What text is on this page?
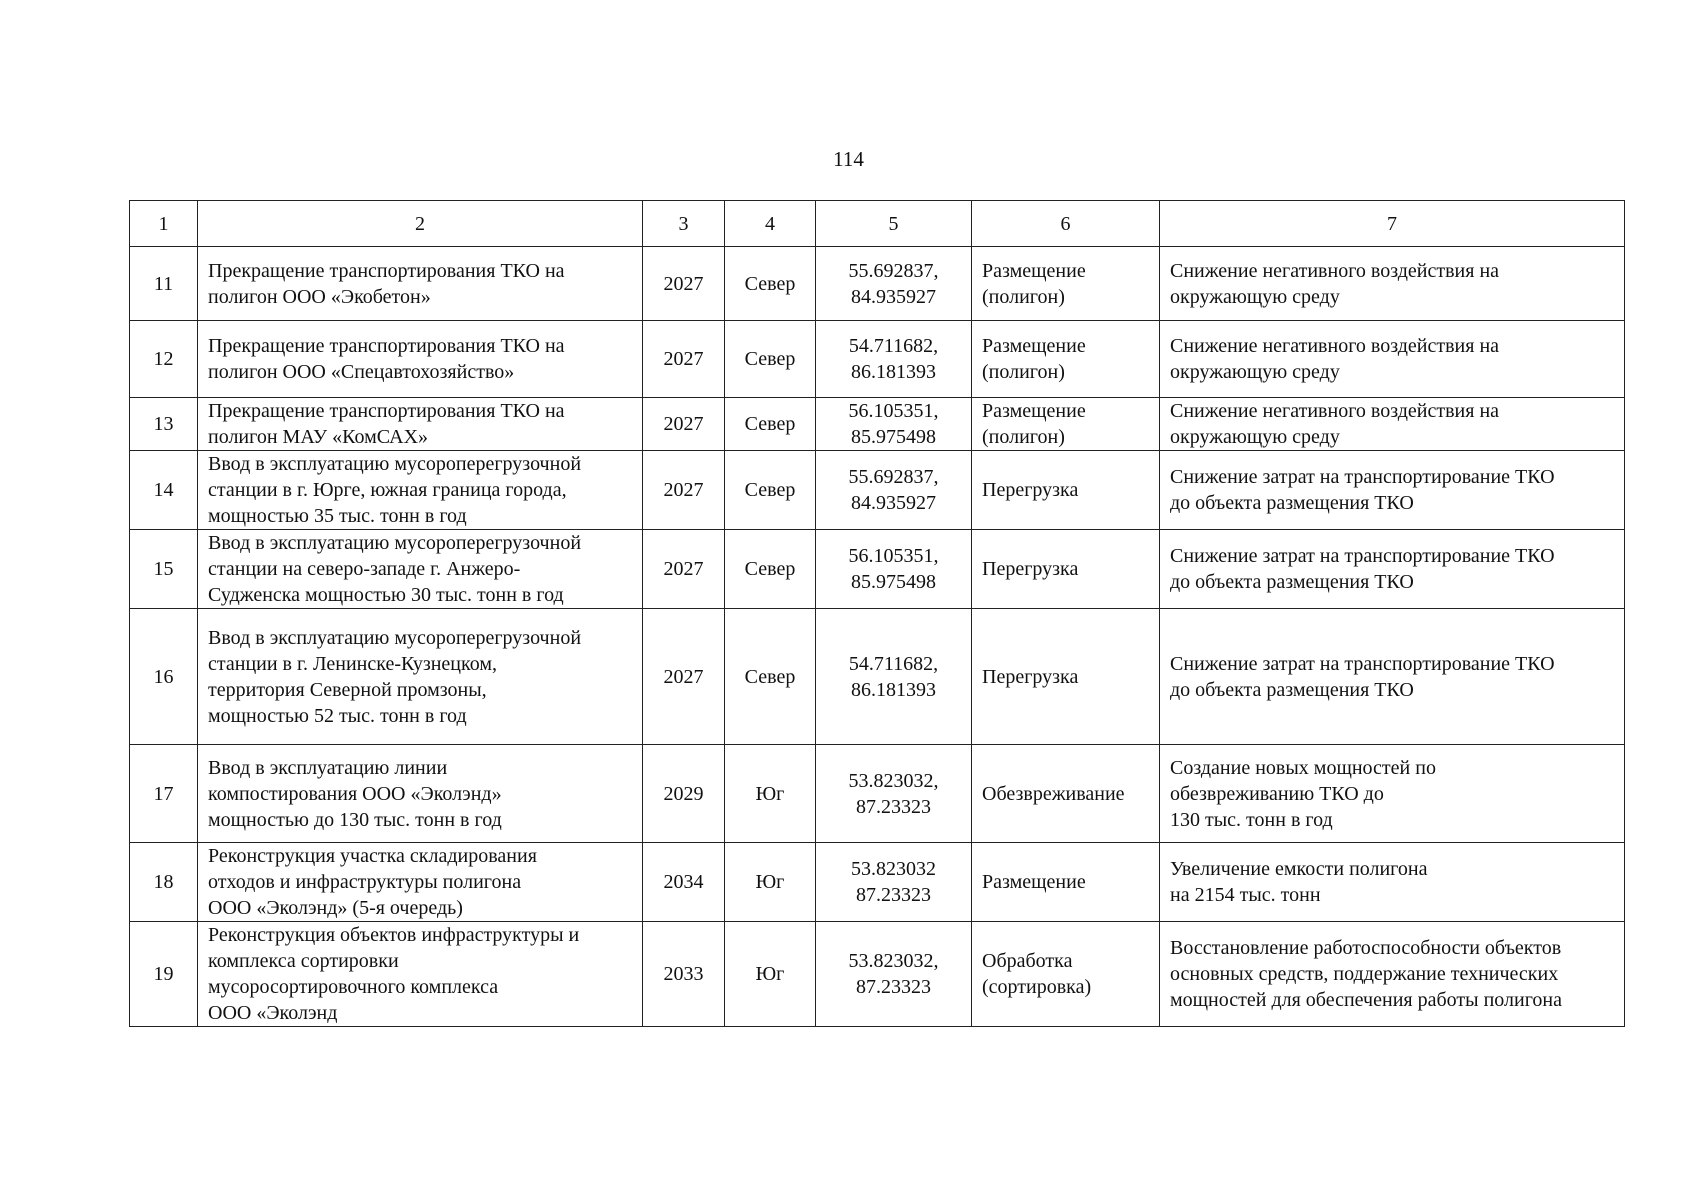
114
1	2	3	4	5	6	7
11	Прекращение транспортирования ТКО на
полигон ООО «Экобетон»	2027	Север	55.692837,
84.935927	Размещение
(полигон)	Снижение негативного воздействия на
окружающую среду
12	Прекращение транспортирования ТКО на
полигон ООО «Спецавтохозяйство»	2027	Север	54.711682,
86.181393	Размещение
(полигон)	Снижение негативного воздействия на
окружающую среду
13	Прекращение транспортирования ТКО на
полигон МАУ «КомСАХ»	2027	Север	56.105351,
85.975498	Размещение
(полигон)	Снижение негативного воздействия на
окружающую среду
14	Ввод в эксплуатацию мусороперегрузочной
станции в г. Юрге, южная граница города,
мощностью 35 тыс. тонн в год	2027	Север	55.692837,
84.935927	Перегрузка	Снижение затрат на транспортирование ТКО
до объекта размещения ТКО
15	Ввод в эксплуатацию мусороперегрузочной
станции на северо-западе г. Анжеро-
Судженска мощностью 30 тыс. тонн в год	2027	Север	56.105351,
85.975498	Перегрузка	Снижение затрат на транспортирование ТКО
до объекта размещения ТКО
16	Ввод в эксплуатацию мусороперегрузочной
станции в г. Ленинске-Кузнецком,
территория Северной промзоны,
мощностью 52 тыс. тонн в год	2027	Север	54.711682,
86.181393	Перегрузка	Снижение затрат на транспортирование ТКО
до объекта размещения ТКО
17	Ввод в эксплуатацию линии
компостирования ООО «Эколэнд»
мощностью до 130 тыс. тонн в год	2029	Юг	53.823032,
87.23323	Обезвреживание	Создание новых мощностей по
обезвреживанию ТКО до
130 тыс. тонн в год
18	Реконструкция участка складирования
отходов и инфраструктуры полигона
ООО «Эколэнд» (5-я очередь)	2034	Юг	53.823032
87.23323	Размещение	Увеличение емкости полигона
на 2154 тыс. тонн
19	Реконструкция объектов инфраструктуры и
комплекса сортировки
мусоросортировочного комплекса
ООО «Эколэнд	2033	Юг	53.823032,
87.23323	Обработка
(сортировка)	Восстановление работоспособности объектов
основных средств, поддержание технических
мощностей для обеспечения работы полигона
